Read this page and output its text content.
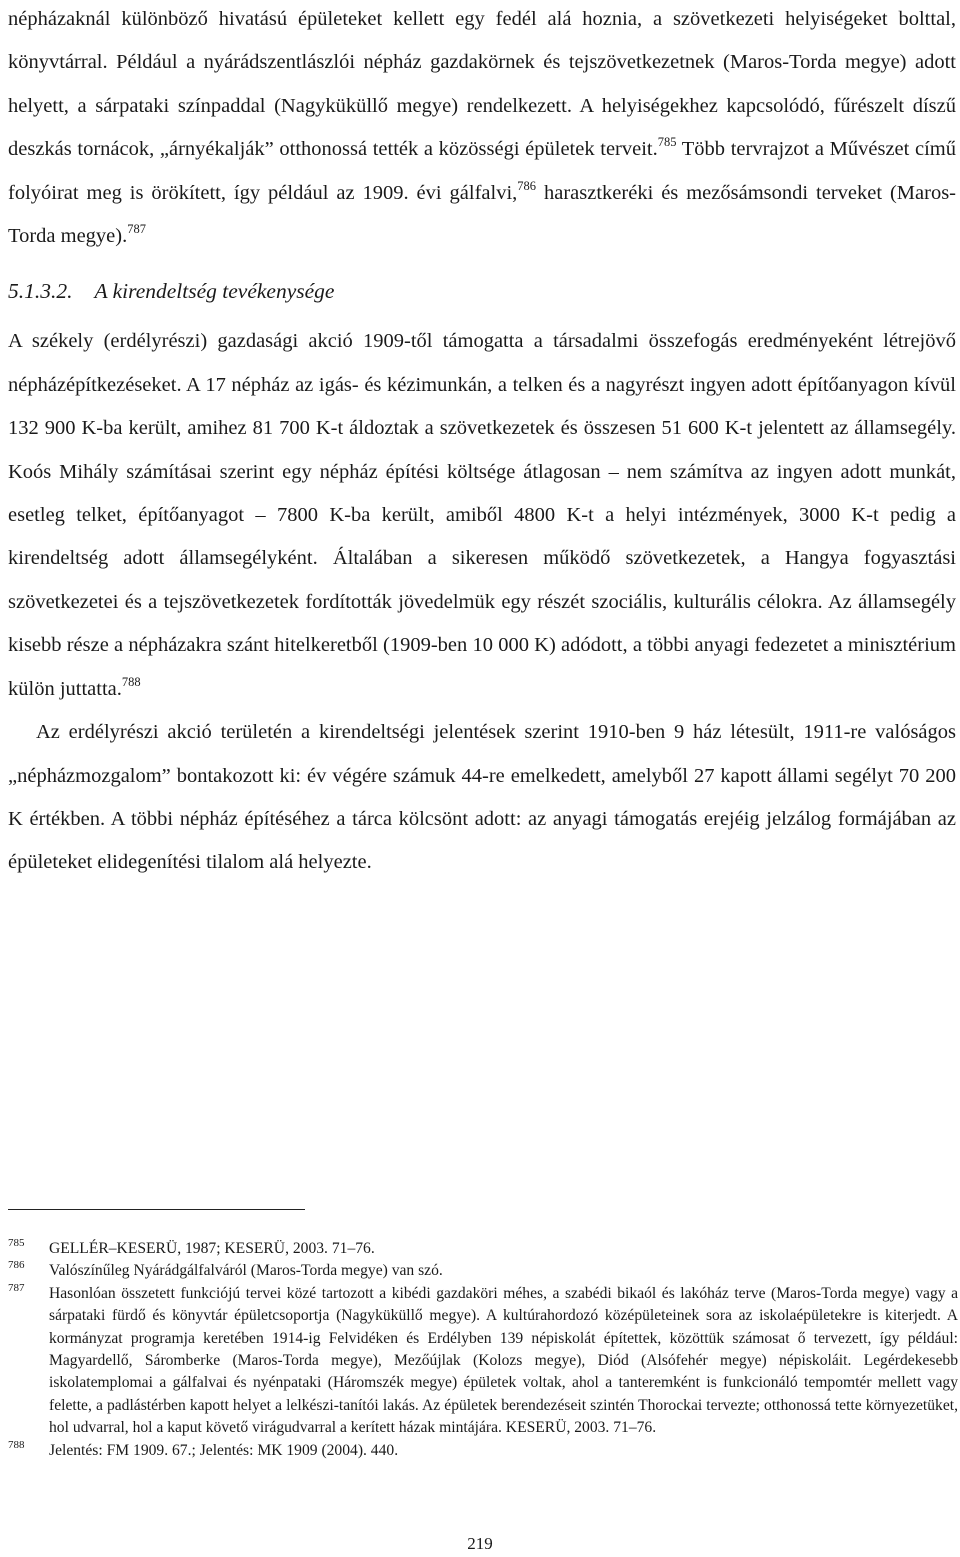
népházaknál különböző hivatású épületeket kellett egy fedél alá hoznia, a szövetkezeti helyiségeket bolttal, könyvtárral. Például a nyárádszentlászlói népház gazdakörnek és tejszövetkezetnek (Maros-Torda megye) adott helyett, a sárpataki színpaddal (Nagyküküllő megye) rendelkezett. A helyiségekhez kapcsolódó, fűrészelt díszű deszkás tornácok, „árnyékalják” otthonossá tették a közösségi épületek terveit.$^{785}$ Több tervrajzot a Művészet című folyóirat meg is örökített, így például az 1909. évi gálfalvi,$^{786}$ harasztkeréki és mezősámsondi terveket (Maros-Torda megye).$^{787}$

5.1.3.2. A kirendeltség tevékenysége

A székely (erdélyrészi) gazdasági akció 1909-től támogatta a társadalmi összefogás eredményeként létrejövő népházépítkezéseket. A 17 népház az igás- és kézimunkán, a telken és a nagyrészt ingyen adott építőanyagon kívül 132 900 K-ba került, amihez 81 700 K-t áldoztak a szövetkezetek és összesen 51 600 K-t jelentett az államsegély. Koós Mihály számításai szerint egy népház építési költsége átlagosan – nem számítva az ingyen adott munkát, esetleg telket, építőanyagot – 7800 K-ba került, amiből 4800 K-t a helyi intézmények, 3000 K-t pedig a kirendeltség adott államsegélyként. Általában a sikeresen működő szövetkezetek, a Hangya fogyasztási szövetkezetei és a tejszövetkezetek fordították jövedelmük egy részét szociális, kulturális célokra. Az államsegély kisebb része a népházakra szánt hitelkeretből (1909-ben 10 000 K) adódott, a többi anyagi fedezetet a minisztérium külön juttatta.$^{788}$

Az erdélyrészi akció területén a kirendeltségi jelentések szerint 1910-ben 9 ház létesült, 1911-re valóságos „népházmozgalom” bontakozott ki: év végére számuk 44-re emelkedett, amelyből 27 kapott állami segélyt 70 200 K értékben. A többi népház építéséhez a tárca kölcsönt adott: az anyagi támogatás erejéig jelzálog formájában az épületeket elidegenítési tilalom alá helyezte.

785 GELLÉR–KESERÜ, 1987; KESERÜ, 2003. 71–76.
786 Valószínűleg Nyárádgálfalváról (Maros-Torda megye) van szó.
787 Hasonlóan összetett funkciójú tervei közé tartozott a kibédi gazdaköri méhes, a szabédi bikaól és lakóház terve (Maros-Torda megye) vagy a sárpataki fürdő és könyvtár épületcsoportja (Nagyküküllő megye). A kultúrahordozó középületeinek sora az iskolaépületekre is kiterjedt. A kormányzat programja keretében 1914-ig Felvidéken és Erdélyben 139 népiskolát építettek, közöttük számosat ő tervezett, így például: Magyardellő, Sáromberke (Maros-Torda megye), Mezőújlak (Kolozs megye), Diód (Alsófehér megye) népiskoláit. Legérdekesebb iskolatemplomai a gálfalvai és nyénpataki (Háromszék megye) épületek voltak, ahol a tanteremként is funkcionáló tempomtér mellett vagy felette, a padlástérben kapott helyet a lelkészi-tanítói lakás. Az épületek berendezéseit szintén Thorockai tervezte; otthonossá tette környezetüket, hol udvarral, hol a kaput követő virágudvarral a kerített házak mintájára. KESERÜ, 2003. 71–76.
788 Jelentés: FM 1909. 67.; Jelentés: MK 1909 (2004). 440.
219
